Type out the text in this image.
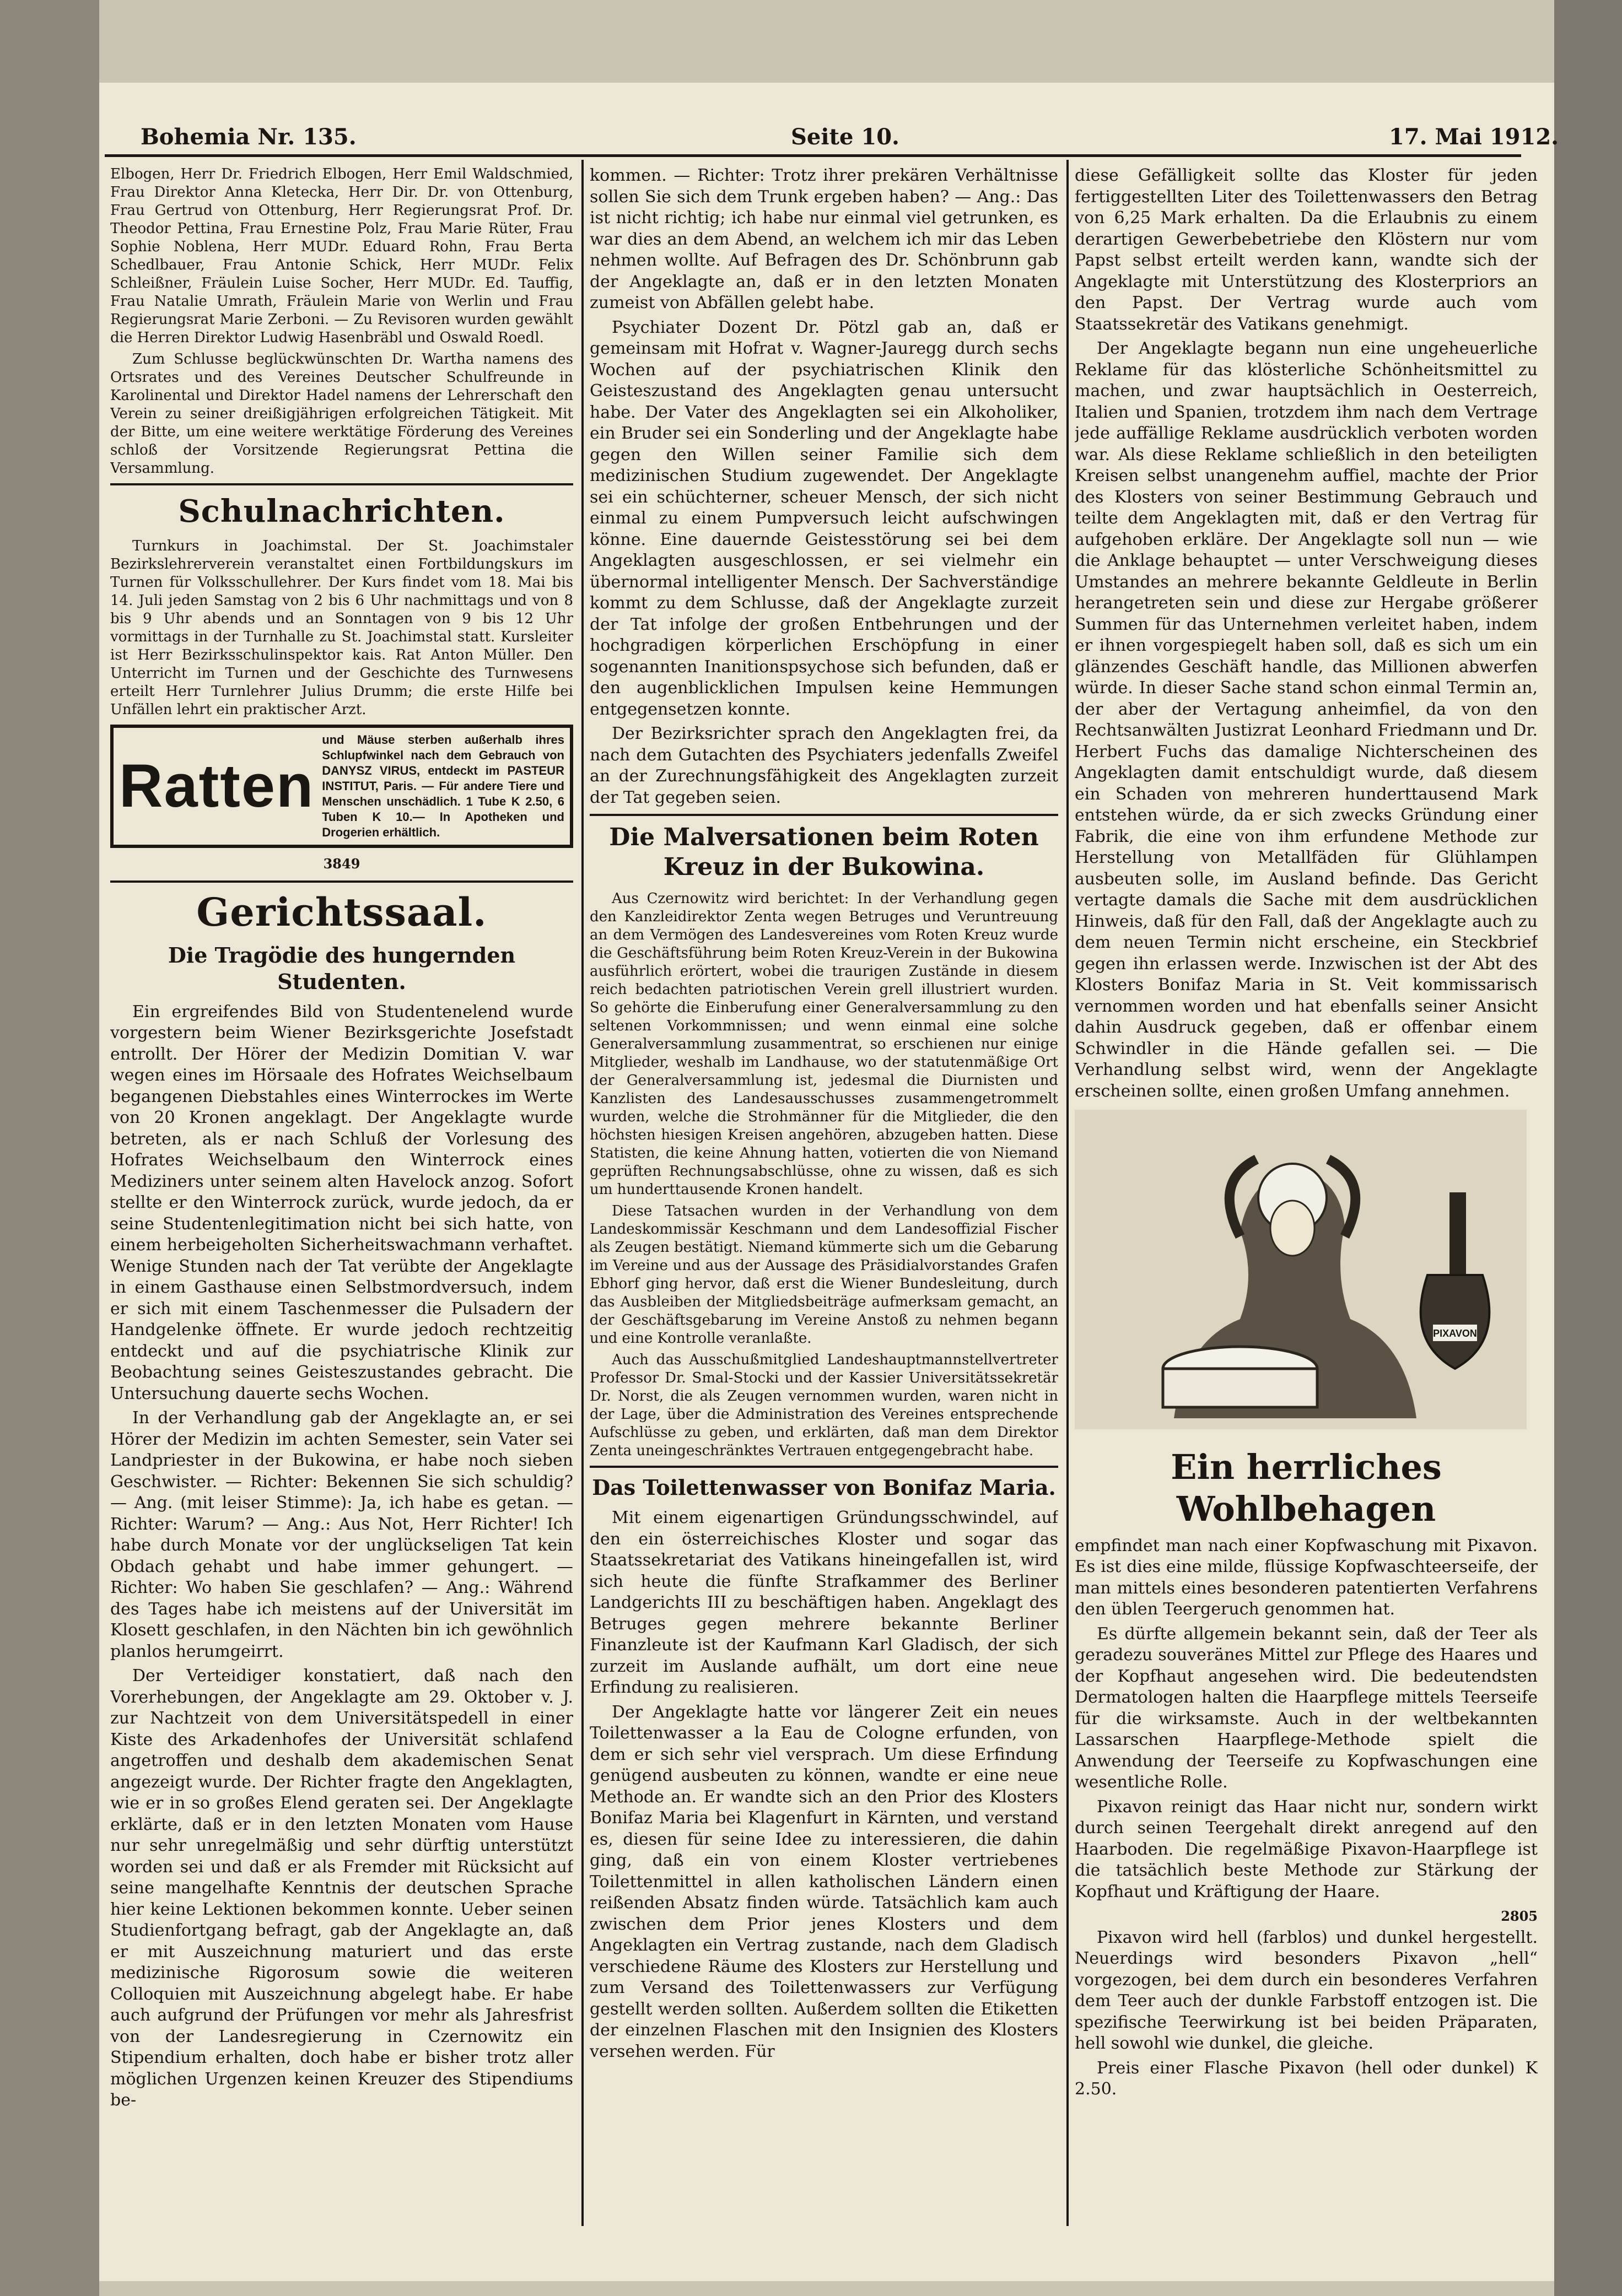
Bohemia Nr. 135.	Seite 10.	17. Mai 1912.

Elbogen, Herr Dr. Friedrich Elbogen, Herr Emil Waldschmied, Frau Direktor Anna Kletecka, Herr Dir. Dr. von Ottenburg, Frau Gertrud von Ottenburg, Herr Regierungsrat Prof. Dr. Theodor Pettina, Frau Ernestine Polz, Frau Marie Rüter, Frau Sophie Noblena, Herr MUDr. Eduard Rohn, Frau Berta Schedlbauer, Frau Antonie Schick, Herr MUDr. Felix Schleißner, Fräulein Luise Socher, Herr MUDr. Ed. Tauffig, Frau Natalie Umrath, Fräulein Marie von Werlin und Frau Regierungsrat Marie Zerboni. — Zu Revisoren wurden gewählt die Herren Direktor Ludwig Hasenbräbl und Oswald Roedl.

Zum Schlusse beglückwünschten Dr. Wartha namens des Ortsrates und des Vereines Deutscher Schulfreunde in Karolinental und Direktor Hadel namens der Lehrerschaft den Verein zu seiner dreißigjährigen erfolgreichen Tätigkeit. Mit der Bitte, um eine weitere werktätige Förderung des Vereines schloß der Vorsitzende Regierungsrat Pettina die Versammlung.

Schulnachrichten.

Turnkurs in Joachimstal. Der St. Joachimstaler Bezirkslehrerverein veranstaltet einen Fortbildungskurs im Turnen für Volksschullehrer. Der Kurs findet vom 18. Mai bis 14. Juli jeden Samstag von 2 bis 6 Uhr nachmittags und von 8 bis 9 Uhr abends und an Sonntagen von 9 bis 12 Uhr vormittags in der Turnhalle zu St. Joachimstal statt. Kursleiter ist Herr Bezirksschulinspektor kais. Rat Anton Müller. Den Unterricht im Turnen und der Geschichte des Turnwesens erteilt Herr Turnlehrer Julius Drumm; die erste Hilfe bei Unfällen lehrt ein praktischer Arzt.

Ratten
und Mäuse sterben außerhalb ihres Schlupfwinkel nach dem Gebrauch von DANYSZ VIRUS, entdeckt im PASTEUR INSTITUT, Paris. — Für andere Tiere und Menschen unschädlich. 1 Tube K 2.50, 6 Tuben K 10.— In Apotheken und Drogerien erhältlich.
3849
Gerichtssaal.
Die Tragödie des hungernden Studenten.

Ein ergreifendes Bild von Studentenelend wurde vorgestern beim Wiener Bezirksgerichte Josefstadt entrollt. Der Hörer der Medizin Domitian V. war wegen eines im Hörsaale des Hofrates Weichselbaum begangenen Diebstahles eines Winterrockes im Werte von 20 Kronen angeklagt. Der Angeklagte wurde betreten, als er nach Schluß der Vorlesung des Hofrates Weichselbaum den Winterrock eines Mediziners unter seinem alten Havelock anzog. Sofort stellte er den Winterrock zurück, wurde jedoch, da er seine Studentenlegitimation nicht bei sich hatte, von einem herbeigeholten Sicherheitswachmann verhaftet. Wenige Stunden nach der Tat verübte der Angeklagte in einem Gasthause einen Selbstmordversuch, indem er sich mit einem Taschenmesser die Pulsadern der Handgelenke öffnete. Er wurde jedoch rechtzeitig entdeckt und auf die psychiatrische Klinik zur Beobachtung seines Geisteszustandes gebracht. Die Untersuchung dauerte sechs Wochen.

In der Verhandlung gab der Angeklagte an, er sei Hörer der Medizin im achten Semester, sein Vater sei Landpriester in der Bukowina, er habe noch sieben Geschwister. — Richter: Bekennen Sie sich schuldig? — Ang. (mit leiser Stimme): Ja, ich habe es getan. — Richter: Warum? — Ang.: Aus Not, Herr Richter! Ich habe durch Monate vor der unglückseligen Tat kein Obdach gehabt und habe immer gehungert. — Richter: Wo haben Sie geschlafen? — Ang.: Während des Tages habe ich meistens auf der Universität im Klosett geschlafen, in den Nächten bin ich gewöhnlich planlos herumgeirrt.

Der Verteidiger konstatiert, daß nach den Vorerhebungen, der Angeklagte am 29. Oktober v. J. zur Nachtzeit von dem Universitätspedell in einer Kiste des Arkadenhofes der Universität schlafend angetroffen und deshalb dem akademischen Senat angezeigt wurde. Der Richter fragte den Angeklagten, wie er in so großes Elend geraten sei. Der Angeklagte erklärte, daß er in den letzten Monaten vom Hause nur sehr unregelmäßig und sehr dürftig unterstützt worden sei und daß er als Fremder mit Rücksicht auf seine mangelhafte Kenntnis der deutschen Sprache hier keine Lektionen bekommen konnte. Ueber seinen Studienfortgang befragt, gab der Angeklagte an, daß er mit Auszeichnung maturiert und das erste medizinische Rigorosum sowie die weiteren Colloquien mit Auszeichnung abgelegt habe. Er habe auch aufgrund der Prüfungen vor mehr als Jahresfrist von der Landesregierung in Czernowitz ein Stipendium erhalten, doch habe er bisher trotz aller möglichen Urgenzen keinen Kreuzer des Stipendiums be-

kommen. — Richter: Trotz ihrer prekären Verhältnisse sollen Sie sich dem Trunk ergeben haben? — Ang.: Das ist nicht richtig; ich habe nur einmal viel getrunken, es war dies an dem Abend, an welchem ich mir das Leben nehmen wollte. Auf Befragen des Dr. Schönbrunn gab der Angeklagte an, daß er in den letzten Monaten zumeist von Abfällen gelebt habe.

Psychiater Dozent Dr. Pötzl gab an, daß er gemeinsam mit Hofrat v. Wagner-Jauregg durch sechs Wochen auf der psychiatrischen Klinik den Geisteszustand des Angeklagten genau untersucht habe. Der Vater des Angeklagten sei ein Alkoholiker, ein Bruder sei ein Sonderling und der Angeklagte habe gegen den Willen seiner Familie sich dem medizinischen Studium zugewendet. Der Angeklagte sei ein schüchterner, scheuer Mensch, der sich nicht einmal zu einem Pumpversuch leicht aufschwingen könne. Eine dauernde Geistesstörung sei bei dem Angeklagten ausgeschlossen, er sei vielmehr ein übernormal intelligenter Mensch. Der Sachverständige kommt zu dem Schlusse, daß der Angeklagte zurzeit der Tat infolge der großen Entbehrungen und der hochgradigen körperlichen Erschöpfung in einer sogenannten Inanitionspsychose sich befunden, daß er den augenblicklichen Impulsen keine Hemmungen entgegensetzen konnte.

Der Bezirksrichter sprach den Angeklagten frei, da nach dem Gutachten des Psychiaters jedenfalls Zweifel an der Zurechnungsfähigkeit des Angeklagten zurzeit der Tat gegeben seien.

Die Malversationen beim Roten Kreuz in der Bukowina.

Aus Czernowitz wird berichtet: In der Verhandlung gegen den Kanzleidirektor Zenta wegen Betruges und Veruntreuung an dem Vermögen des Landesvereines vom Roten Kreuz wurde die Geschäftsführung beim Roten Kreuz-Verein in der Bukowina ausführlich erörtert, wobei die traurigen Zustände in diesem reich bedachten patriotischen Verein grell illustriert wurden. So gehörte die Einberufung einer Generalversammlung zu den seltenen Vorkommnissen; und wenn einmal eine solche Generalversammlung zusammentrat, so erschienen nur einige Mitglieder, weshalb im Landhause, wo der statutenmäßige Ort der Generalversammlung ist, jedesmal die Diurnisten und Kanzlisten des Landesausschusses zusammengetrommelt wurden, welche die Strohmänner für die Mitglieder, die den höchsten hiesigen Kreisen angehören, abzugeben hatten. Diese Statisten, die keine Ahnung hatten, votierten die von Niemand geprüften Rechnungsabschlüsse, ohne zu wissen, daß es sich um hunderttausende Kronen handelt.

Diese Tatsachen wurden in der Verhandlung von dem Landeskommissär Keschmann und dem Landesoffizial Fischer als Zeugen bestätigt. Niemand kümmerte sich um die Gebarung im Vereine und aus der Aussage des Präsidialvorstandes Grafen Ebhorf ging hervor, daß erst die Wiener Bundesleitung, durch das Ausbleiben der Mitgliedsbeiträge aufmerksam gemacht, an der Geschäftsgebarung im Vereine Anstoß zu nehmen begann und eine Kontrolle veranlaßte.

Auch das Ausschußmitglied Landeshauptmannstellvertreter Professor Dr. Smal-Stocki und der Kassier Universitätssekretär Dr. Norst, die als Zeugen vernommen wurden, waren nicht in der Lage, über die Administration des Vereines entsprechende Aufschlüsse zu geben, und erklärten, daß man dem Direktor Zenta uneingeschränktes Vertrauen entgegengebracht habe.

Das Toilettenwasser von Bonifaz Maria.

Mit einem eigenartigen Gründungsschwindel, auf den ein österreichisches Kloster und sogar das Staatssekretariat des Vatikans hineingefallen ist, wird sich heute die fünfte Strafkammer des Berliner Landgerichts III zu beschäftigen haben. Angeklagt des Betruges gegen mehrere bekannte Berliner Finanzleute ist der Kaufmann Karl Gladisch, der sich zurzeit im Auslande aufhält, um dort eine neue Erfindung zu realisieren.

Der Angeklagte hatte vor längerer Zeit ein neues Toilettenwasser a la Eau de Cologne erfunden, von dem er sich sehr viel versprach. Um diese Erfindung genügend ausbeuten zu können, wandte er eine neue Methode an. Er wandte sich an den Prior des Klosters Bonifaz Maria bei Klagenfurt in Kärnten, und verstand es, diesen für seine Idee zu interessieren, die dahin ging, daß ein von einem Kloster vertriebenes Toilettenmittel in allen katholischen Ländern einen reißenden Absatz finden würde. Tatsächlich kam auch zwischen dem Prior jenes Klosters und dem Angeklagten ein Vertrag zustande, nach dem Gladisch verschiedene Räume des Klosters zur Herstellung und zum Versand des Toilettenwassers zur Verfügung gestellt werden sollten. Außerdem sollten die Etiketten der einzelnen Flaschen mit den Insignien des Klosters versehen werden. Für

diese Gefälligkeit sollte das Kloster für jeden fertiggestellten Liter des Toilettenwassers den Betrag von 6,25 Mark erhalten. Da die Erlaubnis zu einem derartigen Gewerbebetriebe den Klöstern nur vom Papst selbst erteilt werden kann, wandte sich der Angeklagte mit Unterstützung des Klosterpriors an den Papst. Der Vertrag wurde auch vom Staatssekretär des Vatikans genehmigt.

Der Angeklagte begann nun eine ungeheuerliche Reklame für das klösterliche Schönheitsmittel zu machen, und zwar hauptsächlich in Oesterreich, Italien und Spanien, trotzdem ihm nach dem Vertrage jede auffällige Reklame ausdrücklich verboten worden war. Als diese Reklame schließlich in den beteiligten Kreisen selbst unangenehm auffiel, machte der Prior des Klosters von seiner Bestimmung Gebrauch und teilte dem Angeklagten mit, daß er den Vertrag für aufgehoben erkläre. Der Angeklagte soll nun — wie die Anklage behauptet — unter Verschweigung dieses Umstandes an mehrere bekannte Geldleute in Berlin herangetreten sein und diese zur Hergabe größerer Summen für das Unternehmen verleitet haben, indem er ihnen vorgespiegelt haben soll, daß es sich um ein glänzendes Geschäft handle, das Millionen abwerfen würde. In dieser Sache stand schon einmal Termin an, der aber der Vertagung anheimfiel, da von den Rechtsanwälten Justizrat Leonhard Friedmann und Dr. Herbert Fuchs das damalige Nichterscheinen des Angeklagten damit entschuldigt wurde, daß diesem ein Schaden von mehreren hunderttausend Mark entstehen würde, da er sich zwecks Gründung einer Fabrik, die eine von ihm erfundene Methode zur Herstellung von Metallfäden für Glühlampen ausbeuten solle, im Ausland befinde. Das Gericht vertagte damals die Sache mit dem ausdrücklichen Hinweis, daß für den Fall, daß der Angeklagte auch zu dem neuen Termin nicht erscheine, ein Steckbrief gegen ihn erlassen werde. Inzwischen ist der Abt des Klosters Bonifaz Maria in St. Veit kommissarisch vernommen worden und hat ebenfalls seiner Ansicht dahin Ausdruck gegeben, daß er offenbar einem Schwindler in die Hände gefallen sei. — Die Verhandlung selbst wird, wenn der Angeklagte erscheinen sollte, einen großen Umfang annehmen.

PIXAVON
Ein herrliches Wohlbehagen

empfindet man nach einer Kopfwaschung mit Pixavon. Es ist dies eine milde, flüssige Kopfwaschteerseife, der man mittels eines besonderen patentierten Verfahrens den üblen Teergeruch genommen hat.

Es dürfte allgemein bekannt sein, daß der Teer als geradezu souveränes Mittel zur Pflege des Haares und der Kopfhaut angesehen wird. Die bedeutendsten Dermatologen halten die Haarpflege mittels Teerseife für die wirksamste. Auch in der weltbekannten Lassarschen Haarpflege-Methode spielt die Anwendung der Teerseife zu Kopfwaschungen eine wesentliche Rolle.

Pixavon reinigt das Haar nicht nur, sondern wirkt durch seinen Teergehalt direkt anregend auf den Haarboden. Die regelmäßige Pixavon-Haarpflege ist die tatsächlich beste Methode zur Stärkung der Kopfhaut und Kräftigung der Haare.

2805

Pixavon wird hell (farblos) und dunkel hergestellt. Neuerdings wird besonders Pixavon „hell“ vorgezogen, bei dem durch ein besonderes Verfahren dem Teer auch der dunkle Farbstoff entzogen ist. Die spezifische Teerwirkung ist bei beiden Präparaten, hell sowohl wie dunkel, die gleiche.

Preis einer Flasche Pixavon (hell oder dunkel) K 2.50.
